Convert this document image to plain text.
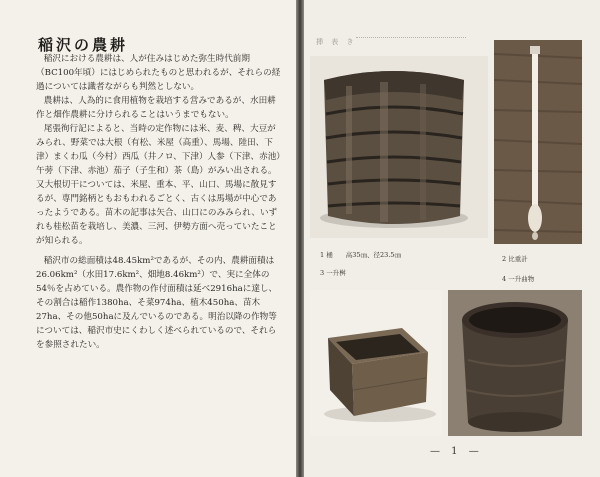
稲沢の農耕

稲沢における農耕は、人が住みはじめた弥生時代前期（BC100年頃）にはじめられたものと思われるが、それらの経過については識者ながらも判然としない。

農耕は、人為的に食用植物を栽培する営みであるが、水田耕作と畑作農耕に分けられることはいうまでもない。

尾張徇行記によると、当時の定作物には米、麦、稗、大豆がみられ、野菜では大根（有松、米屋（高重）、馬場、陸田、下津）まくわ瓜（今村）西瓜（井ノロ、下津）人参（下津、赤池）午蒡（下津、赤池）茄子（子生和）茶（島）がみい出される。又大根切干については、米屋、重本、平、山口、馬場に散見するが、専門銘柄ともおもわれるごとく、古くは馬場が中心であったようである。苗木の記事は矢合、山口にのみみられ、いずれも桂松苗を栽培し、美濃、三河、伊勢方面へ売っていたことが知られる。

稲沢市の総面積は48.45km²であるが、その内、農耕面積は26.06km²（水田17.6km²、畑地8.46km²）で、実に全体の54％を占めている。農作物の作付面積は延べ2916haに達し、その割合は稲作1380ha、そ菜974ha、植木450ha、苗木27ha、その他50haに及んでいるのである。明治以降の作物等については、稲沢市史にくわしく述べられているので、それらを参照されたい。

挿 表 き
1 桶　　高35㎝、径23.5㎝	2 比重計
3 一升桝
4 一升曲物
— 1 —
